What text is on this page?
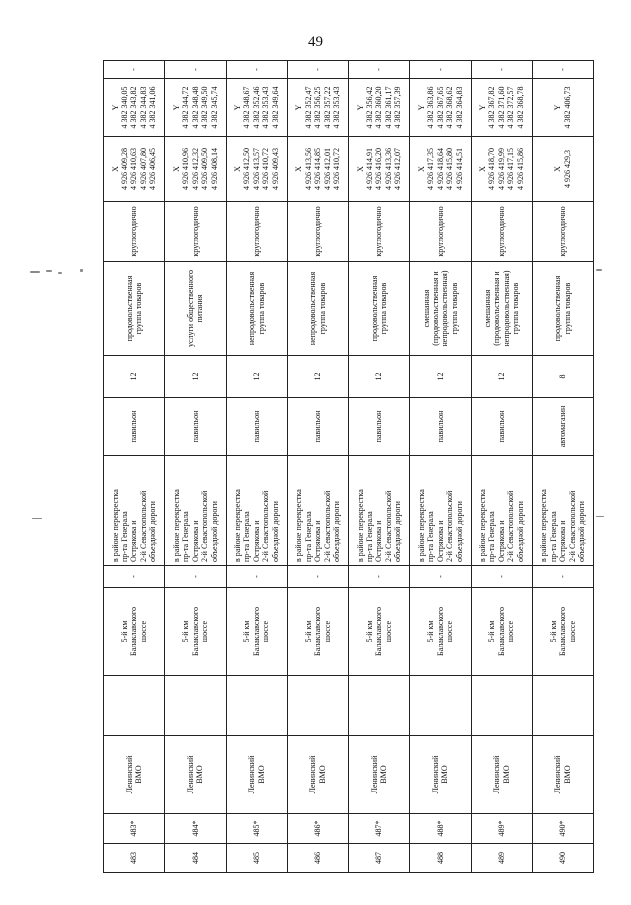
49
483	483*	Ленинский ВМО		5-й км Балаклавского шоссе	-	в районе перекрестка пр-та Генерала Острякова и 2-й Севастопольской объездной дороги	павильон	12	продовольственная группа товаров	круглогодично	X 4 926 409,28 4 926 410,63 4 926 407,80 4 926 406,45	Y 4 382 340,05 4 382 343,82 4 382 344,83 4 382 341,06	-
484	484*	Ленинский ВМО		5-й км Балаклавского шоссе	-	в районе перекрестка пр-та Генерала Острякова и 2-й Севастопольской объездной дороги	павильон	12	услуги общественного питания	круглогодично	X 4 926 410,96 4 926 412,32 4 926 409,50 4 926 408,14	Y 4 382 344,72 4 382 348,48 4 382 349,50 4 382 345,74	-
485	485*	Ленинский ВМО		5-й км Балаклавского шоссе	-	в районе перекрестка пр-та Генерала Острякова и 2-й Севастопольской объездной дороги	павильон	12	непродовольственная группа товаров	круглогодично	X 4 926 412,50 4 926 413,57 4 926 410,72 4 926 409,43	Y 4 382 348,67 4 382 352,46 4 382 353,43 4 382 349,64	-
486	486*	Ленинский ВМО		5-й км Балаклавского шоссе	-	в районе перекрестка пр-та Генерала Острякова и 2-й Севастопольской объездной дороги	павильон	12	непродовольственная группа товаров	круглогодично	X 4 926 413,56 4 926 414,85 4 926 412,01 4 926 410,72	Y 4 382 352,47 4 382 356,25 4 382 357,22 4 382 353,43	-
487	487*	Ленинский ВМО		5-й км Балаклавского шоссе	-	в районе перекрестка пр-та Генерала Острякова и 2-й Севастопольской объездной дороги	павильон	12	продовольственная группа товаров	круглогодично	X 4 926 414,91 4 926 416,20 4 926 413,36 4 926 412,07	Y 4 382 356,42 4 382 360,20 4 382 361,17 4 382 357,39	-
488	488*	Ленинский ВМО		5-й км Балаклавского шоссе	-	в районе перекрестка пр-та Генерала Острякова и 2-й Севастопольской объездной дороги	павильон	12	смешанная (продовольственная и непродовольственная) группа товаров	круглогодично	X 4 926 417,35 4 926 418,64 4 926 415,80 4 926 414,51	Y 4 382 363,86 4 382 367,65 4 382 368,62 4 382 364,83	-
489	489*	Ленинский ВМО		5-й км Балаклавского шоссе	-	в районе перекрестка пр-та Генерала Острякова и 2-й Севастопольской объездной дороги	павильон	12	смешанная (продовольственная и непродовольственная) группа товаров	круглогодично	X 4 926 418,70 4 926 419,99 4 926 417,15 4 926 415,86	Y 4 382 367,82 4 382 371,60 4 382 372,57 4 382 368,78	-
490	490*	Ленинский ВМО		5-й км Балаклавского шоссе	-	в районе перекрестка пр-та Генерала Острякова и 2-й Севастопольской объездной дороги	автомагазин	8	продовольственная группа товаров	круглогодично	X 4 926 429,3	Y 4 382 406,73	-
